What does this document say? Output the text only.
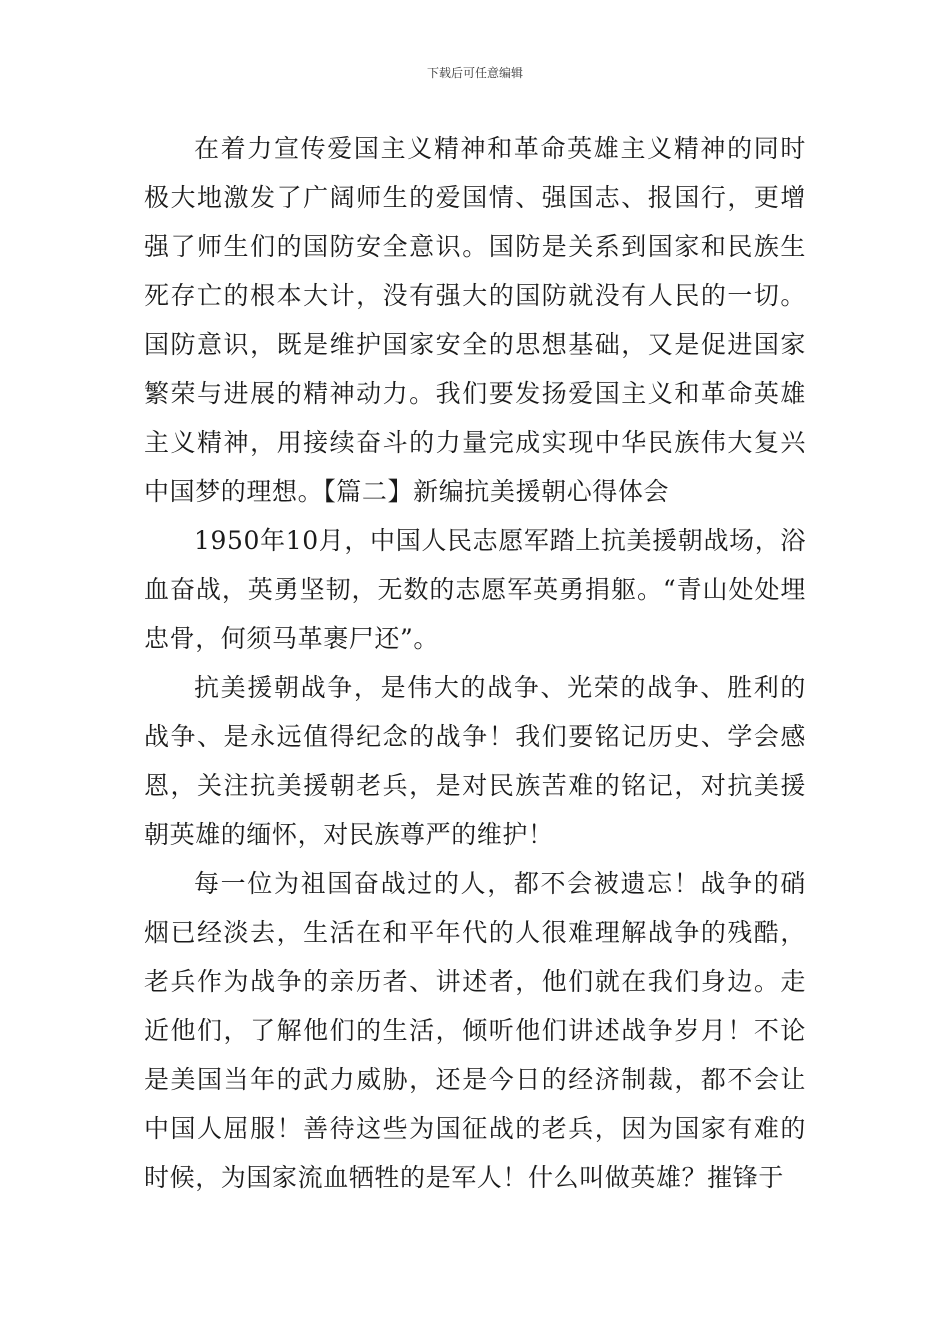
下载后可任意编辑

在着力宣传爱国主义精神和革命英雄主义精神的同时极大地激发了广阔师生的爱国情、强国志、报国行，更增强了师生们的国防安全意识。国防是关系到国家和民族生死存亡的根本大计，没有强大的国防就没有人民的一切。国防意识，既是维护国家安全的思想基础，又是促进国家繁荣与进展的精神动力。我们要发扬爱国主义和革命英雄主义精神，用接续奋斗的力量完成实现中华民族伟大复兴中国梦的理想。【篇二】新编抗美援朝心得体会

1950年10月，中国人民志愿军踏上抗美援朝战场，浴血奋战，英勇坚韧，无数的志愿军英勇捐躯。“青山处处埋忠骨，何须马革裹尸还”。

抗美援朝战争，是伟大的战争、光荣的战争、胜利的战争、是永远值得纪念的战争！我们要铭记历史、学会感恩，关注抗美援朝老兵，是对民族苦难的铭记，对抗美援朝英雄的缅怀，对民族尊严的维护！

每一位为祖国奋战过的人，都不会被遗忘！战争的硝烟已经淡去，生活在和平年代的人很难理解战争的残酷，老兵作为战争的亲历者、讲述者，他们就在我们身边。走近他们，了解他们的生活，倾听他们讲述战争岁月！不论是美国当年的武力威胁，还是今日的经济制裁，都不会让中国人屈服！善待这些为国征战的老兵，因为国家有难的时候，为国家流血牺牲的是军人！什么叫做英雄？摧锋于
